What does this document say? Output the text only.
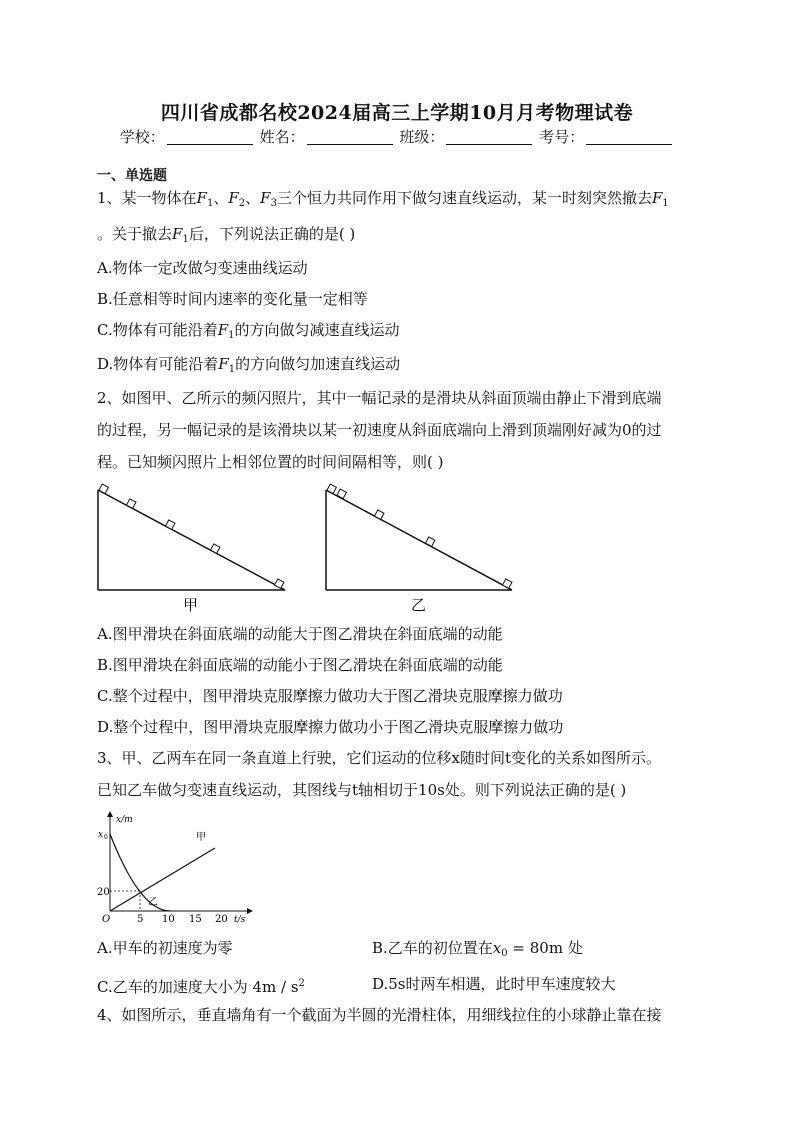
四川省成都名校2024届高三上学期10月月考物理试卷
学校：	姓名：	班级：	考号：
一、单选题
1、某一物体在$F_1$、$F_2$、$F_3$三个恒力共同作用下做匀速直线运动，某一时刻突然撤去$F_1$
。关于撤去$F_1$后，下列说法正确的是( )
A.物体一定改做匀变速曲线运动
B.任意相等时间内速率的变化量一定相等
C.物体有可能沿着$F_1$的方向做匀减速直线运动
D.物体有可能沿着$F_1$的方向做匀加速直线运动
2、如图甲、乙所示的频闪照片，其中一幅记录的是滑块从斜面顶端由静止下滑到底端
的过程，另一幅记录的是该滑块以某一初速度从斜面底端向上滑到顶端刚好减为0的过
程。已知频闪照片上相邻位置的时间间隔相等，则( )
甲	乙
A.图甲滑块在斜面底端的动能大于图乙滑块在斜面底端的动能
B.图甲滑块在斜面底端的动能小于图乙滑块在斜面底端的动能
C.整个过程中，图甲滑块克服摩擦力做功大于图乙滑块克服摩擦力做功
D.整个过程中，图甲滑块克服摩擦力做功小于图乙滑块克服摩擦力做功
3、甲、乙两车在同一条直道上行驶，它们运动的位移x随时间t变化的关系如图所示。
已知乙车做匀变速直线运动，其图线与t轴相切于10s处。则下列说法正确的是( )
x/m
x 0
20
O	5 10 15 20 t/s
甲
乙
A.甲车的初速度为零	B.乙车的初位置在$x_0 = 80m$ 处
C.乙车的加速度大小为 $4m / s^2$	D.5s时两车相遇，此时甲车速度较大
4、如图所示，垂直墙角有一个截面为半圆的光滑柱体，用细线拉住的小球静止靠在接
